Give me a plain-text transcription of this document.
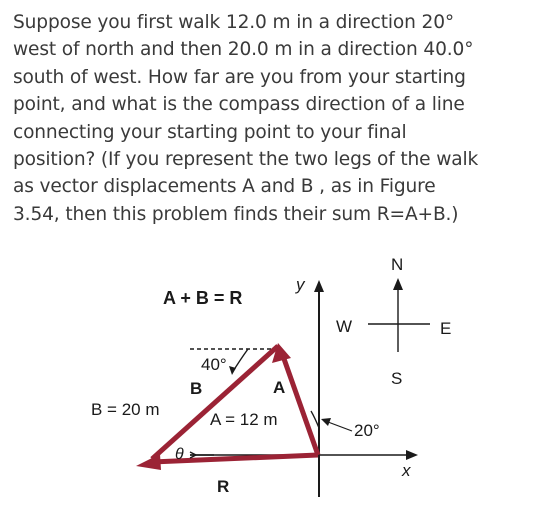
Suppose you first walk 12.0 m in a direction 20°
west of north and then 20.0 m in a direction 40.0°
south of west. How far are you from your starting
point, and what is the compass direction of a line
connecting your starting point to your final
position? (If you represent the two legs of the walk
as vector displacements A and B , as in Figure
3.54, then this problem finds their sum R=A+B.)
y
x
N
S
W	E
A + B = R
40°
B	A
B = 20 m
A = 12 m
20°
θ
R
